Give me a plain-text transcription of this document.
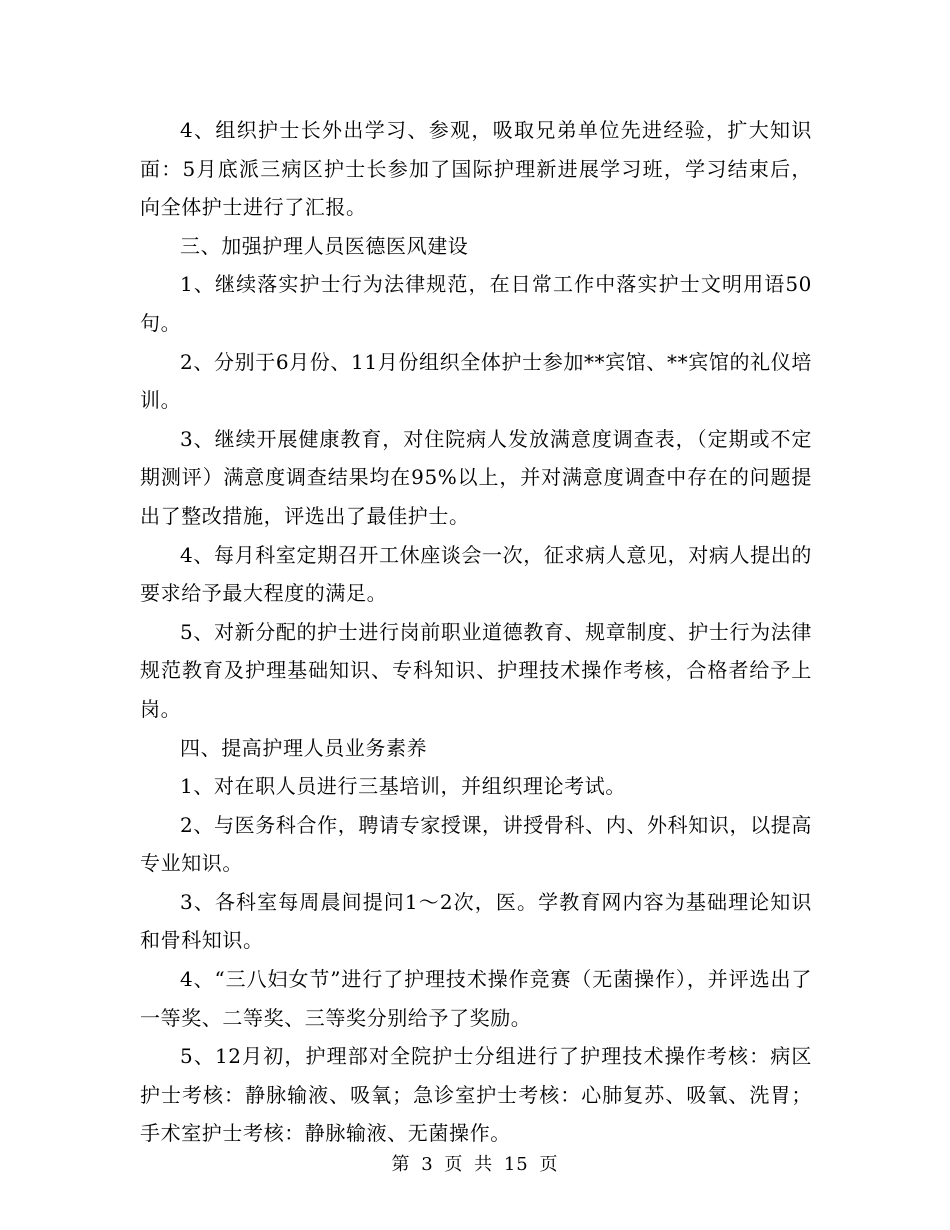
4、组织护士长外出学习、参观，吸取兄弟单位先进经验，扩大知识面：5月底派三病区护士长参加了国际护理新进展学习班，学习结束后，向全体护士进行了汇报。

三、加强护理人员医德医风建设

1、继续落实护士行为法律规范，在日常工作中落实护士文明用语50句。

2、分别于6月份、11月份组织全体护士参加**宾馆、**宾馆的礼仪培训。

3、继续开展健康教育，对住院病人发放满意度调查表，（定期或不定期测评）满意度调查结果均在95%以上，并对满意度调查中存在的问题提出了整改措施，评选出了最佳护士。

4、每月科室定期召开工休座谈会一次，征求病人意见，对病人提出的要求给予最大程度的满足。

5、对新分配的护士进行岗前职业道德教育、规章制度、护士行为法律规范教育及护理基础知识、专科知识、护理技术操作考核，合格者给予上岗。

四、提高护理人员业务素养

1、对在职人员进行三基培训，并组织理论考试。

2、与医务科合作，聘请专家授课，讲授骨科、内、外科知识，以提高专业知识。

3、各科室每周晨间提问1～2次，医。学教育网内容为基础理论知识和骨科知识。

4、“三八妇女节”进行了护理技术操作竞赛（无菌操作），并评选出了一等奖、二等奖、三等奖分别给予了奖励。

5、12月初，护理部对全院护士分组进行了护理技术操作考核：病区护士考核：静脉输液、吸氧；急诊室护士考核：心肺复苏、吸氧、洗胃；手术室护士考核：静脉输液、无菌操作。

第 3 页 共 15 页
